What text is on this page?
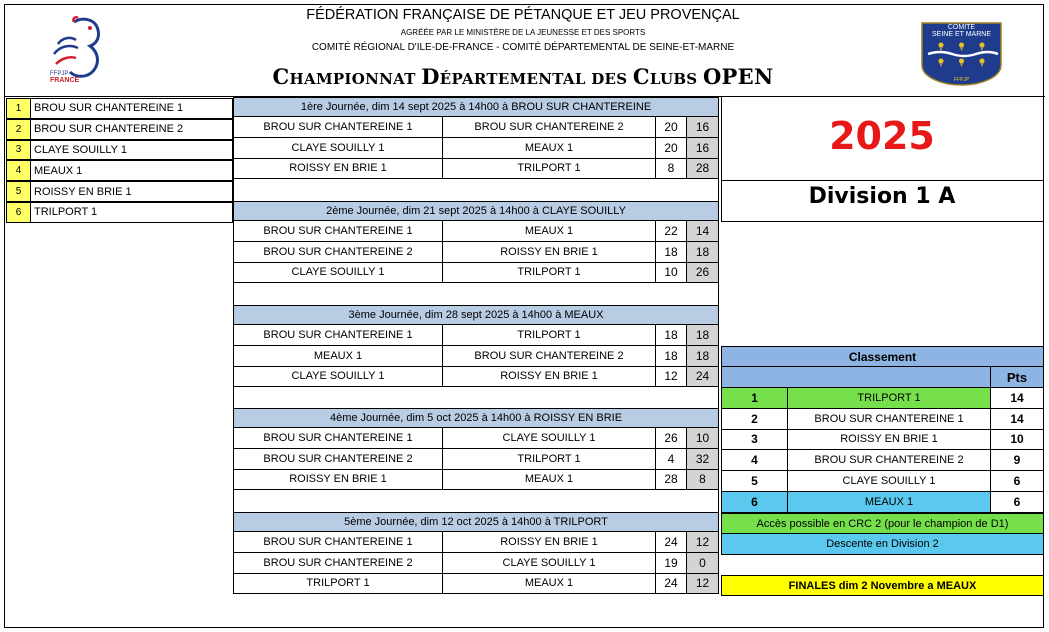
FFPJP
FRANCE
COMITE
SEINE ET MARNE
FFPJP
FÉDÉRATION FRANÇAISE DE PÉTANQUE ET JEU PROVENÇAL
AGRÉÉE PAR LE MINISTÈRE DE LA JEUNESSE ET DES SPORTS
COMITÉ RÉGIONAL D'ILE-DE-FRANCE - COMITÉ DÉPARTEMENTAL DE SEINE-ET-MARNE
CHAMPIONNAT DÉPARTEMENTAL DES CLUBS OPEN
1	BROU SUR CHANTEREINE 1
2	BROU SUR CHANTEREINE 2
3	CLAYE SOUILLY 1
4	MEAUX 1
5	ROISSY EN BRIE 1
6	TRILPORT 1
1ère Journée, dim 14 sept 2025 à 14h00 à BROU SUR CHANTEREINE
BROU SUR CHANTEREINE 1	BROU SUR CHANTEREINE 2	20	16
CLAYE SOUILLY 1	MEAUX 1	20	16
ROISSY EN BRIE 1	TRILPORT 1	8	28
2ème Journée, dim 21 sept 2025 à 14h00 à CLAYE SOUILLY
BROU SUR CHANTEREINE 1	MEAUX 1	22	14
BROU SUR CHANTEREINE 2	ROISSY EN BRIE 1	18	18
CLAYE SOUILLY 1	TRILPORT 1	10	26
3ème Journée, dim 28 sept 2025 à 14h00 à MEAUX
BROU SUR CHANTEREINE 1	TRILPORT 1	18	18
MEAUX 1	BROU SUR CHANTEREINE 2	18	18
CLAYE SOUILLY 1	ROISSY EN BRIE 1	12	24
4ème Journée, dim 5 oct 2025 à 14h00 à ROISSY EN BRIE
BROU SUR CHANTEREINE 1	CLAYE SOUILLY 1	26	10
BROU SUR CHANTEREINE 2	TRILPORT 1	4	32
ROISSY EN BRIE 1	MEAUX 1	28	8
5ème Journée, dim 12 oct 2025 à 14h00 à TRILPORT
BROU SUR CHANTEREINE 1	ROISSY EN BRIE 1	24	12
BROU SUR CHANTEREINE 2	CLAYE SOUILLY 1	19	0
TRILPORT 1	MEAUX 1	24	12
2025
Division 1 A
Classement
Pts
1	TRILPORT 1	14
2	BROU SUR CHANTEREINE 1	14
3	ROISSY EN BRIE 1	10
4	BROU SUR CHANTEREINE 2	9
5	CLAYE SOUILLY 1	6
6	MEAUX 1	6
Accès possible en CRC 2 (pour le champion de D1)
Descente en Division 2
FINALES dim 2 Novembre a MEAUX
